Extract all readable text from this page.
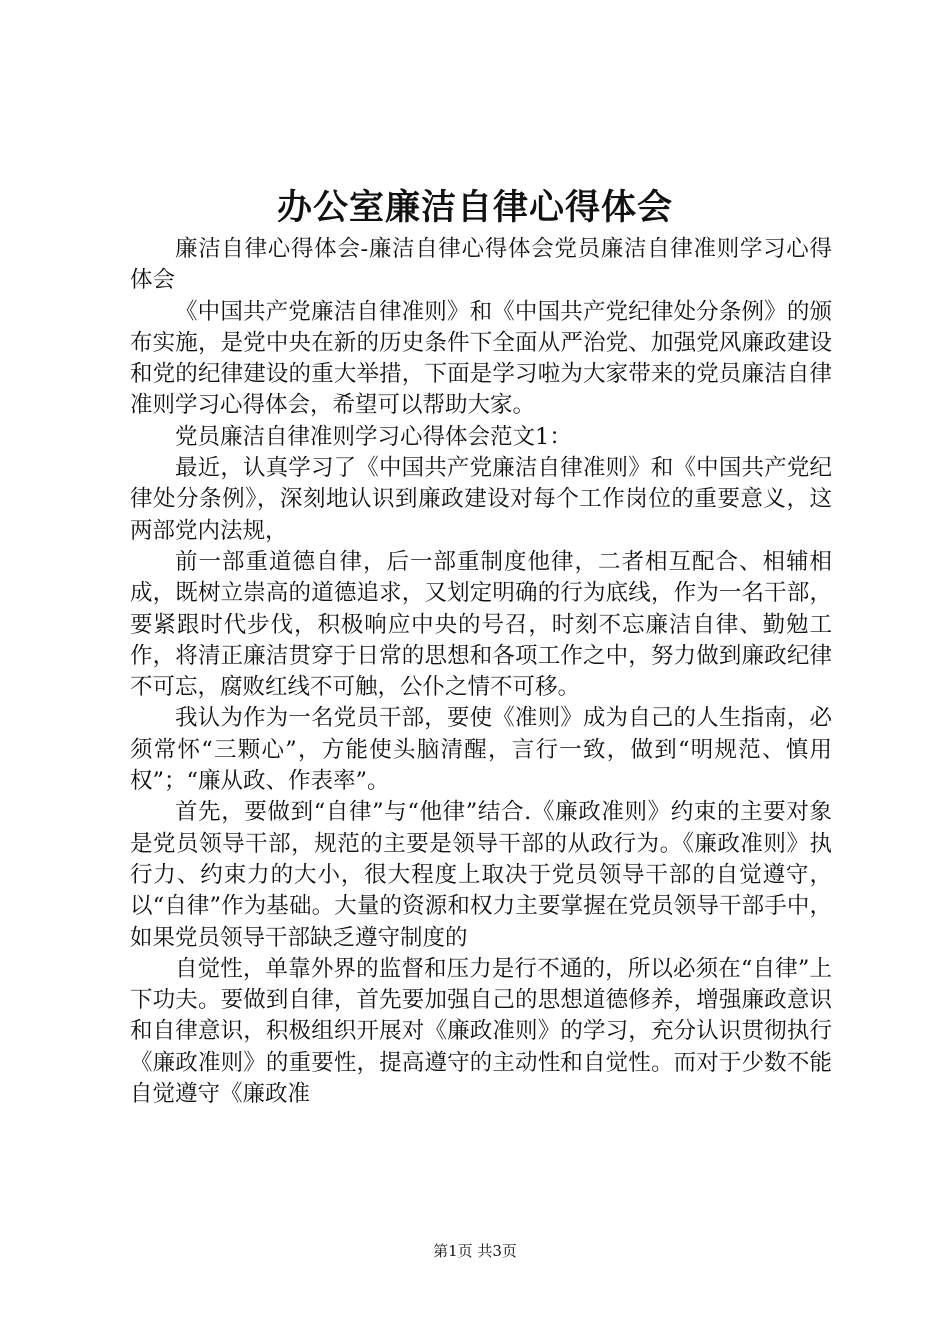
办公室廉洁自律心得体会

廉洁自律心得体会-廉洁自律心得体会党员廉洁自律准则学习心得体会

《中国共产党廉洁自律准则》和《中国共产党纪律处分条例》的颁布实施，是党中央在新的历史条件下全面从严治党、加强党风廉政建设和党的纪律建设的重大举措，下面是学习啦为大家带来的党员廉洁自律准则学习心得体会，希望可以帮助大家。

党员廉洁自律准则学习心得体会范文1：

最近，认真学习了《中国共产党廉洁自律准则》和《中国共产党纪律处分条例》，深刻地认识到廉政建设对每个工作岗位的重要意义，这两部党内法规，

前一部重道德自律，后一部重制度他律，二者相互配合、相辅相成，既树立崇高的道德追求，又划定明确的行为底线，作为一名干部，要紧跟时代步伐，积极响应中央的号召，时刻不忘廉洁自律、勤勉工作，将清正廉洁贯穿于日常的思想和各项工作之中，努力做到廉政纪律不可忘，腐败红线不可触，公仆之情不可移。

我认为作为一名党员干部，要使《准则》成为自己的人生指南，必须常怀“三颗心”，方能使头脑清醒，言行一致，做到“明规范、慎用权”；“廉从政、作表率”。

首先，要做到“自律”与“他律”结合.《廉政准则》约束的主要对象是党员领导干部，规范的主要是领导干部的从政行为。《廉政准则》执行力、约束力的大小，很大程度上取决于党员领导干部的自觉遵守，以“自律”作为基础。大量的资源和权力主要掌握在党员领导干部手中，如果党员领导干部缺乏遵守制度的

自觉性，单靠外界的监督和压力是行不通的，所以必须在“自律”上下功夫。要做到自律，首先要加强自己的思想道德修养，增强廉政意识和自律意识，积极组织开展对《廉政准则》的学习，充分认识贯彻执行《廉政准则》的重要性，提高遵守的主动性和自觉性。而对于少数不能自觉遵守《廉政准

第1页 共3页
